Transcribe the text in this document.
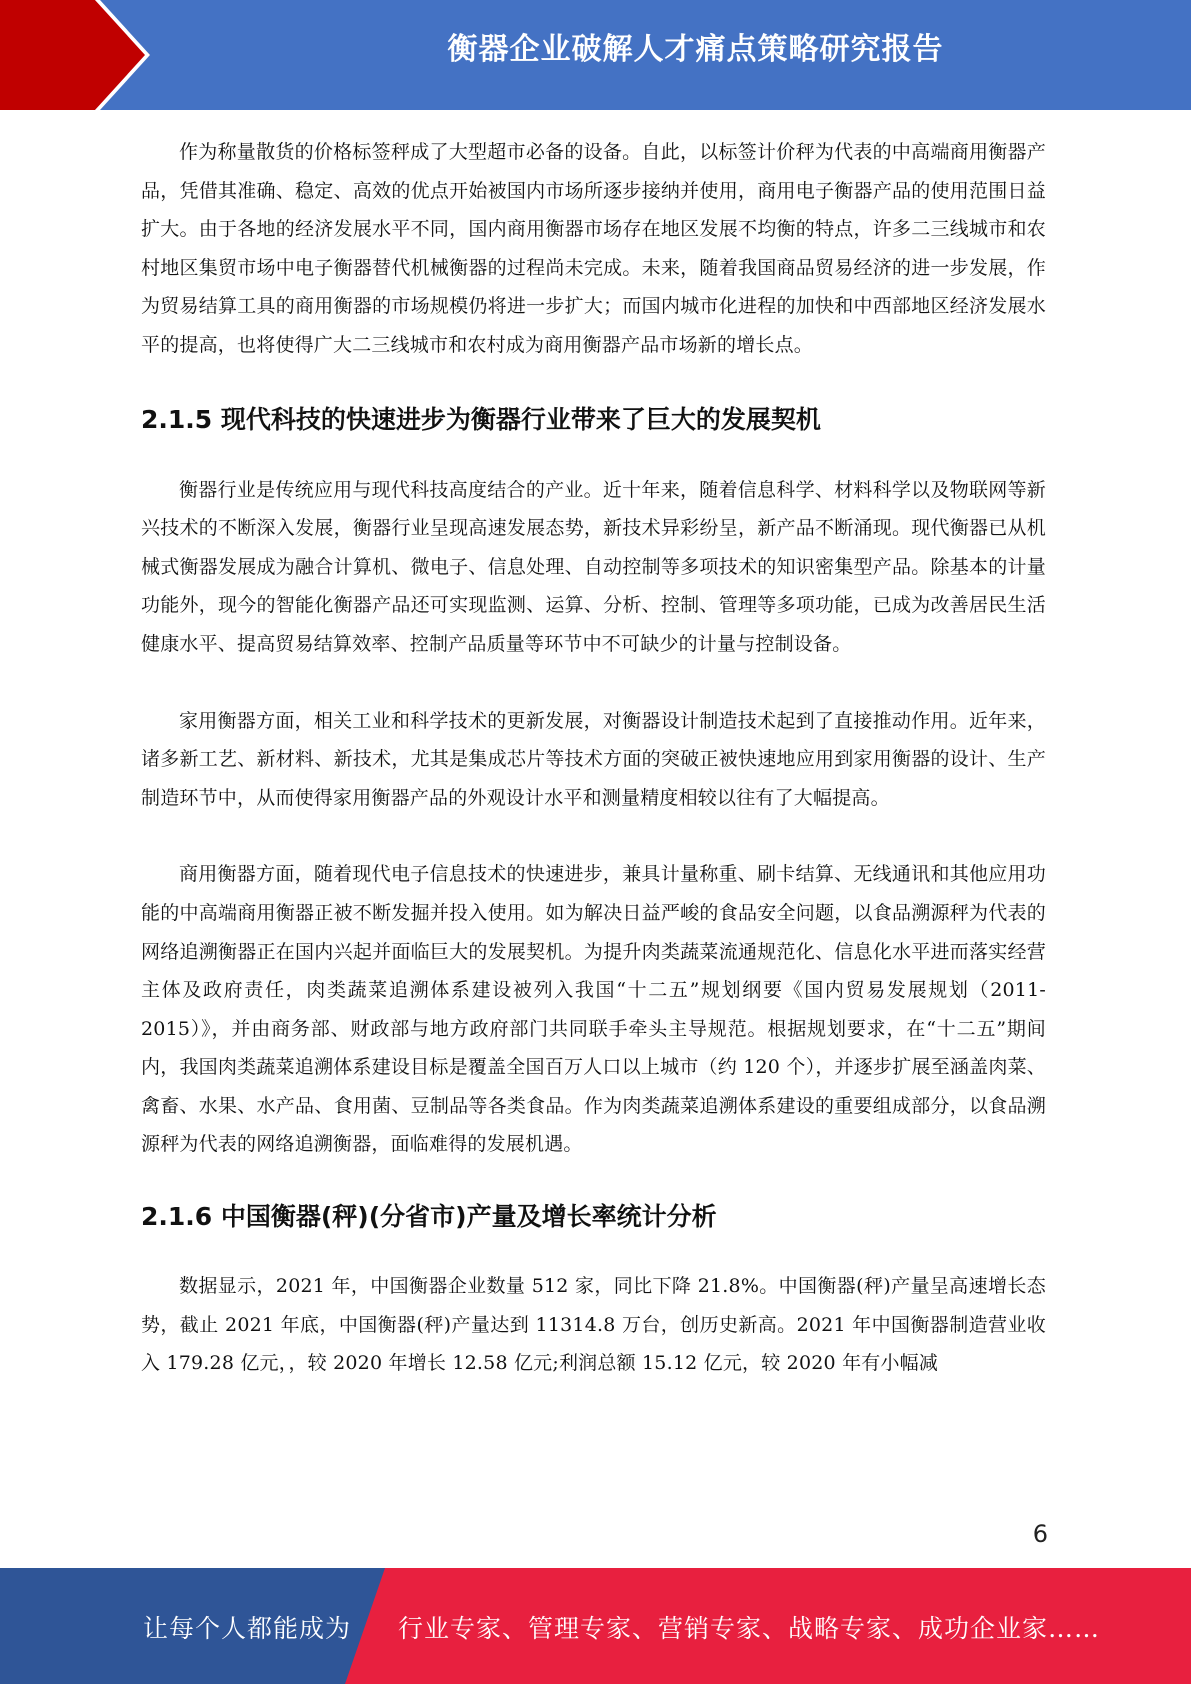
衡器企业破解人才痛点策略研究报告

作为称量散货的价格标签秤成了大型超市必备的设备。自此，以标签计价秤为代表的中高端商用衡器产品，凭借其准确、稳定、高效的优点开始被国内市场所逐步接纳并使用，商用电子衡器产品的使用范围日益扩大。由于各地的经济发展水平不同，国内商用衡器市场存在地区发展不均衡的特点，许多二三线城市和农村地区集贸市场中电子衡器替代机械衡器的过程尚未完成。未来，随着我国商品贸易经济的进一步发展，作为贸易结算工具的商用衡器的市场规模仍将进一步扩大；而国内城市化进程的加快和中西部地区经济发展水平的提高，也将使得广大二三线城市和农村成为商用衡器产品市场新的增长点。

2.1.5 现代科技的快速进步为衡器行业带来了巨大的发展契机

衡器行业是传统应用与现代科技高度结合的产业。近十年来，随着信息科学、材料科学以及物联网等新兴技术的不断深入发展，衡器行业呈现高速发展态势，新技术异彩纷呈，新产品不断涌现。现代衡器已从机械式衡器发展成为融合计算机、微电子、信息处理、自动控制等多项技术的知识密集型产品。除基本的计量功能外，现今的智能化衡器产品还可实现监测、运算、分析、控制、管理等多项功能，已成为改善居民生活健康水平、提高贸易结算效率、控制产品质量等环节中不可缺少的计量与控制设备。

家用衡器方面，相关工业和科学技术的更新发展，对衡器设计制造技术起到了直接推动作用。近年来，诸多新工艺、新材料、新技术，尤其是集成芯片等技术方面的突破正被快速地应用到家用衡器的设计、生产制造环节中，从而使得家用衡器产品的外观设计水平和测量精度相较以往有了大幅提高。

商用衡器方面，随着现代电子信息技术的快速进步，兼具计量称重、刷卡结算、无线通讯和其他应用功能的中高端商用衡器正被不断发掘并投入使用。如为解决日益严峻的食品安全问题，以食品溯源秤为代表的网络追溯衡器正在国内兴起并面临巨大的发展契机。为提升肉类蔬菜流通规范化、信息化水平进而落实经营主体及政府责任，肉类蔬菜追溯体系建设被列入我国“十二五”规划纲要《国内贸易发展规划（2011-2015）》，并由商务部、财政部与地方政府部门共同联手牵头主导规范。根据规划要求，在“十二五”期间内，我国肉类蔬菜追溯体系建设目标是覆盖全国百万人口以上城市（约 120 个），并逐步扩展至涵盖肉菜、禽畜、水果、水产品、食用菌、豆制品等各类食品。作为肉类蔬菜追溯体系建设的重要组成部分，以食品溯源秤为代表的网络追溯衡器，面临难得的发展机遇。

2.1.6 中国衡器(秤)(分省市)产量及增长率统计分析

数据显示，2021 年，中国衡器企业数量 512 家，同比下降 21.8%。中国衡器(秤)产量呈高速增长态势，截止 2021 年底，中国衡器(秤)产量达到 11314.8 万台，创历史新高。2021 年中国衡器制造营业收入 179.28 亿元，，较 2020 年增长 12.58 亿元;利润总额 15.12 亿元，较 2020 年有小幅减

6
让每个人都能成为 行业专家、管理专家、营销专家、战略专家、成功企业家……
